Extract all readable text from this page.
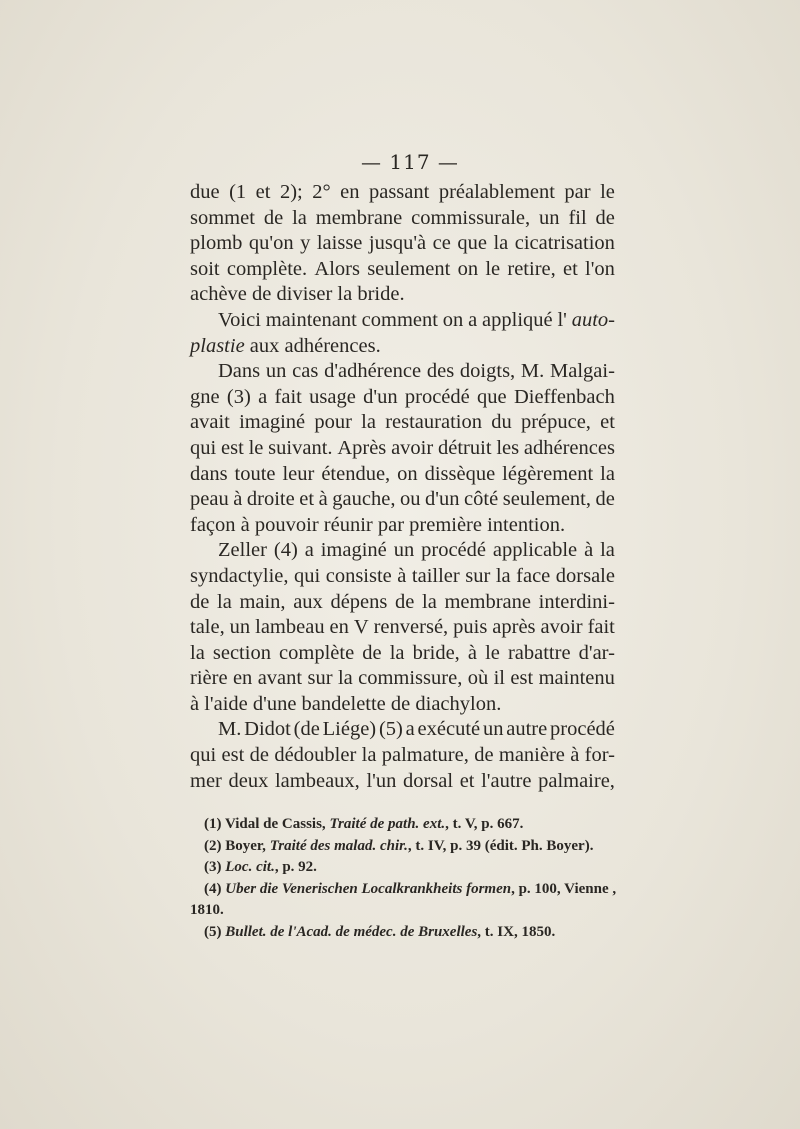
— 117 —
due (1 et 2); 2° en passant préalablement par le
sommet de la membrane commissurale, un fil de
plomb qu'on y laisse jusqu'à ce que la cicatrisation
soit complète. Alors seulement on le retire, et l'on
achève de diviser la bride.
Voici maintenant comment on a appliqué l' auto-
plastie aux adhérences.
Dans un cas d'adhérence des doigts, M. Malgai-
gne (3) a fait usage d'un procédé que Dieffenbach
avait imaginé pour la restauration du prépuce, et
qui est le suivant. Après avoir détruit les adhérences
dans toute leur étendue, on dissèque légèrement la
peau à droite et à gauche, ou d'un côté seulement, de
façon à pouvoir réunir par première intention.
Zeller (4) a imaginé un procédé applicable à la
syndactylie, qui consiste à tailler sur la face dorsale
de la main, aux dépens de la membrane interdini-
tale, un lambeau en V renversé, puis après avoir fait
la section complète de la bride, à le rabattre d'ar-
rière en avant sur la commissure, où il est maintenu
à l'aide d'une bandelette de diachylon.
M. Didot (de Liége) (5) a exécuté un autre procédé
qui est de dédoubler la palmature, de manière à for-
mer deux lambeaux, l'un dorsal et l'autre palmaire,
(1) Vidal de Cassis, Traité de path. ext., t. V, p. 667.
(2) Boyer, Traité des malad. chir., t. IV, p. 39 (édit. Ph. Boyer).
(3) Loc. cit., p. 92.
(4) Uber die Venerischen Localkrankheits formen, p. 100, Vienne ,
1810.
(5) Bullet. de l'Acad. de médec. de Bruxelles, t. IX, 1850.
